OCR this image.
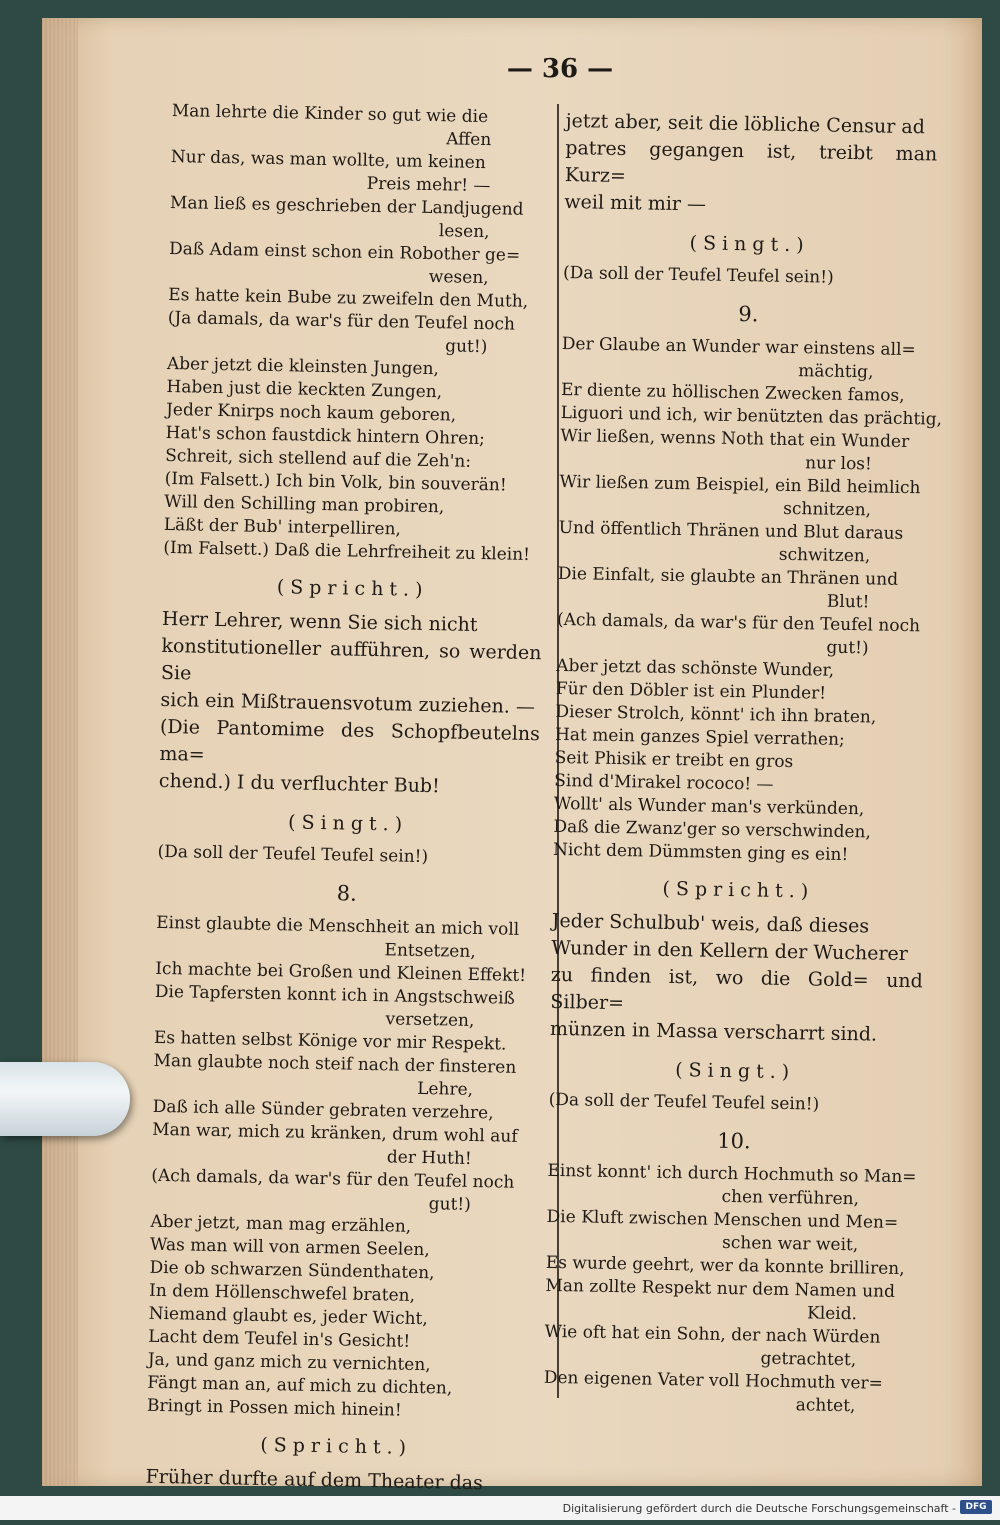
— 36 —
Man lehrte die Kinder so gut wie die
Affen
Nur das, was man wollte, um keinen
Preis mehr! —
Man ließ es geschrieben der Landjugend
lesen,
Daß Adam einst schon ein Robother ge=
wesen,
Es hatte kein Bube zu zweifeln den Muth,
(Ja damals, da war's für den Teufel noch
gut!)
Aber jetzt die kleinsten Jungen,
Haben just die keckten Zungen,
Jeder Knirps noch kaum geboren,
Hat's schon faustdick hintern Ohren;
Schreit, sich stellend auf die Zeh'n:
(Im Falsett.) Ich bin Volk, bin souverän!
Will den Schilling man probiren,
Läßt der Bub' interpelliren,
(Im Falsett.) Daß die Lehrfreiheit zu klein!
(Spricht.)
Herr Lehrer, wenn Sie sich nicht
konstitutioneller aufführen, so werden Sie
sich ein Mißtrauensvotum zuziehen. —
(Die Pantomime des Schopfbeutelns ma=
chend.) I du verfluchter Bub!
(Singt.)
(Da soll der Teufel Teufel sein!)
8.
Einst glaubte die Menschheit an mich voll
Entsetzen,
Ich machte bei Großen und Kleinen Effekt!
Die Tapfersten konnt ich in Angstschweiß
versetzen,
Es hatten selbst Könige vor mir Respekt.
Man glaubte noch steif nach der finsteren
Lehre,
Daß ich alle Sünder gebraten verzehre,
Man war, mich zu kränken, drum wohl auf
der Huth!
(Ach damals, da war's für den Teufel noch
gut!)
Aber jetzt, man mag erzählen,
Was man will von armen Seelen,
Die ob schwarzen Sündenthaten,
In dem Höllenschwefel braten,
Niemand glaubt es, jeder Wicht,
Lacht dem Teufel in's Gesicht!
Ja, und ganz mich zu vernichten,
Fängt man an, auf mich zu dichten,
Bringt in Possen mich hinein!
(Spricht.)
Früher durfte auf dem Theater das
jetzt aber, seit die löbliche Censur ad
patres gegangen ist, treibt man Kurz=
weil mit mir —
(Singt.)
(Da soll der Teufel Teufel sein!)
9.
Der Glaube an Wunder war einstens all=
mächtig,
Er diente zu höllischen Zwecken famos,
Liguori und ich, wir benützten das prächtig,
Wir ließen, wenns Noth that ein Wunder
nur los!
Wir ließen zum Beispiel, ein Bild heimlich
schnitzen,
Und öffentlich Thränen und Blut daraus
schwitzen,
Die Einfalt, sie glaubte an Thränen und
Blut!
(Ach damals, da war's für den Teufel noch
gut!)
Aber jetzt das schönste Wunder,
Für den Döbler ist ein Plunder!
Dieser Strolch, könnt' ich ihn braten,
Hat mein ganzes Spiel verrathen;
Seit Phisik er treibt en gros
Sind d'Mirakel rococo! —
Wollt' als Wunder man's verkünden,
Daß die Zwanz'ger so verschwinden,
Nicht dem Dümmsten ging es ein!
(Spricht.)
Jeder Schulbub' weis, daß dieses
Wunder in den Kellern der Wucherer
zu finden ist, wo die Gold= und Silber=
münzen in Massa verscharrt sind.
(Singt.)
(Da soll der Teufel Teufel sein!)
10.
Einst konnt' ich durch Hochmuth so Man=
chen verführen,
Die Kluft zwischen Menschen und Men=
schen war weit,
Es wurde geehrt, wer da konnte brilliren,
Man zollte Respekt nur dem Namen und
Kleid.
Wie oft hat ein Sohn, der nach Würden
getrachtet,
Den eigenen Vater voll Hochmuth ver=
achtet,
Digitalisierung gefördert durch die Deutsche Forschungsgemeinschaft -	DFG
